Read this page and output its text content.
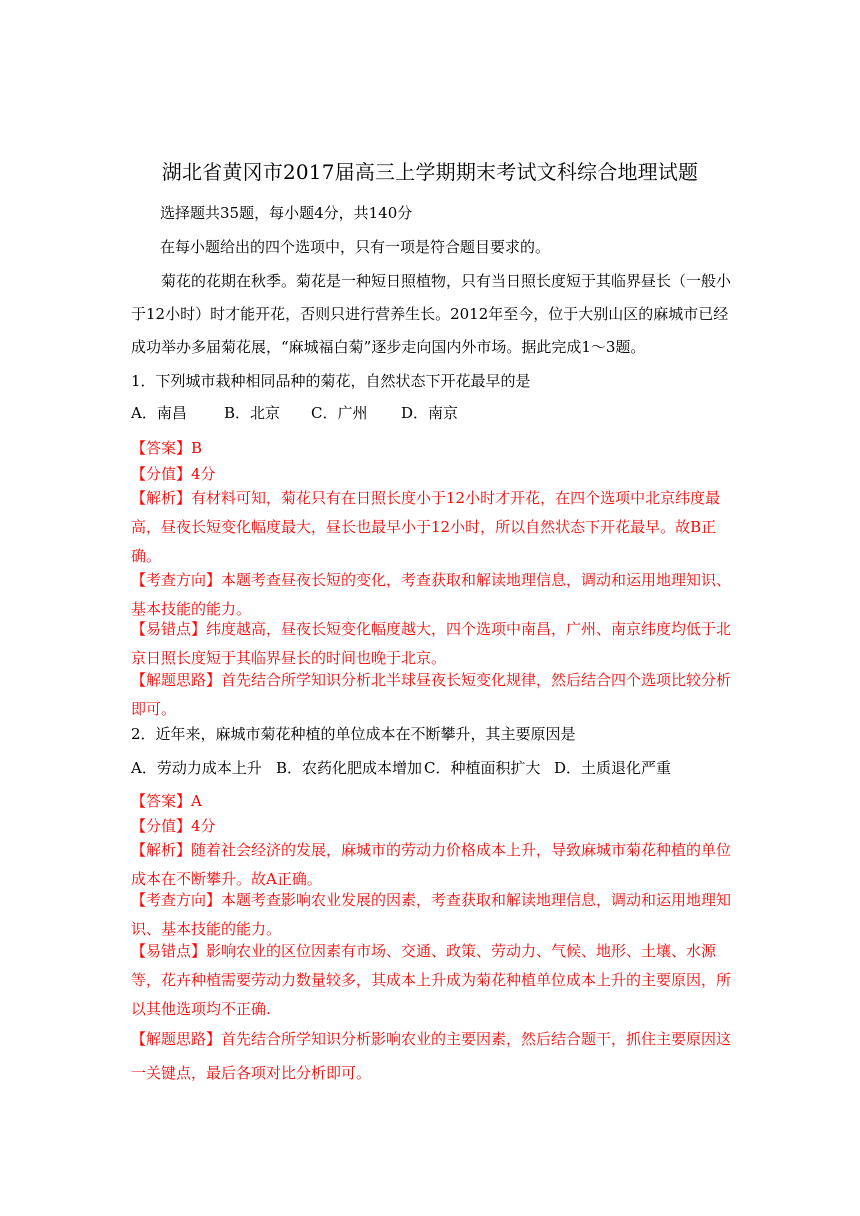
湖北省黄冈市2017届高三上学期期末考试文科综合地理试题
选择题共35题，每小题4分，共140分
在每小题给出的四个选项中，只有一项是符合题目要求的。
菊花的花期在秋季。菊花是一种短日照植物，只有当日照长度短于其临界昼长（一般小于12小时）时才能开花，否则只进行营养生长。2012年至今，位于大别山区的麻城市已经成功举办多届菊花展，“麻城福白菊”逐步走向国内外市场。据此完成1～3题。
1．下列城市栽种相同品种的菊花，自然状态下开花最早的是
A．南昌 B．北京 C．广州 D．南京
【答案】B
【分值】4分
【解析】有材料可知，菊花只有在日照长度小于12小时才开花，在四个选项中北京纬度最高，昼夜长短变化幅度最大，昼长也最早小于12小时，所以自然状态下开花最早。故B正确。
【考查方向】本题考查昼夜长短的变化，考查获取和解读地理信息，调动和运用地理知识、基本技能的能力。
【易错点】纬度越高，昼夜长短变化幅度越大，四个选项中南昌，广州、南京纬度均低于北京日照长度短于其临界昼长的时间也晚于北京。
【解题思路】首先结合所学知识分析北半球昼夜长短变化规律，然后结合四个选项比较分析即可。
2．近年来，麻城市菊花种植的单位成本在不断攀升，其主要原因是
A．劳动力成本上升 B．农药化肥成本增加 C．种植面积扩大 D．土质退化严重
【答案】A
【分值】4分
【解析】随着社会经济的发展，麻城市的劳动力价格成本上升，导致麻城市菊花种植的单位成本在不断攀升。故A正确。
【考查方向】本题考查影响农业发展的因素，考查获取和解读地理信息，调动和运用地理知识、基本技能的能力。
【易错点】影响农业的区位因素有市场、交通、政策、劳动力、气候、地形、土壤、水源等，花卉种植需要劳动力数量较多，其成本上升成为菊花种植单位成本上升的主要原因，所以其他选项均不正确.
【解题思路】首先结合所学知识分析影响农业的主要因素，然后结合题干，抓住主要原因这一关键点，最后各项对比分析即可。
